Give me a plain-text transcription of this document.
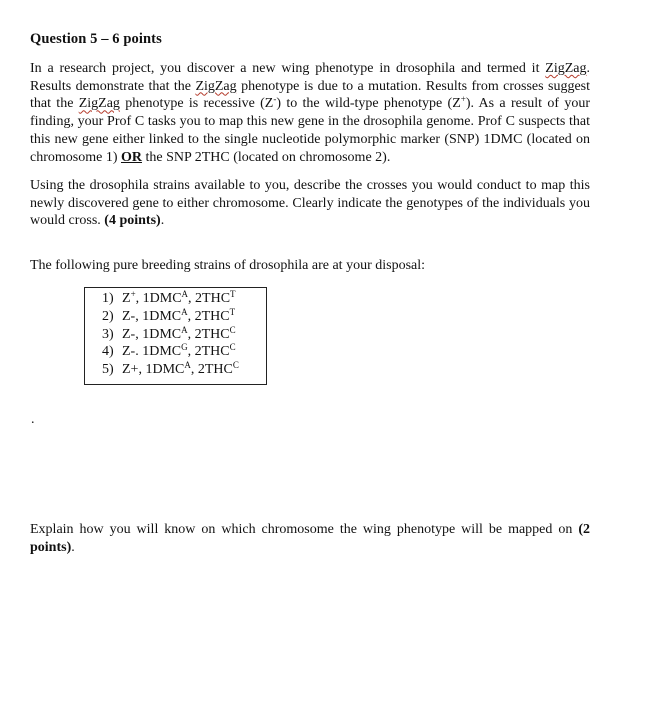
Question 5 – 6 points

In a research project, you discover a new wing phenotype in drosophila and termed it ZigZag. Results demonstrate that the ZigZag phenotype is due to a mutation. Results from crosses suggest that the ZigZag phenotype is recessive (Z-) to the wild-type phenotype (Z+). As a result of your finding, your Prof C tasks you to map this new gene in the drosophila genome. Prof C suspects that this new gene either linked to the single nucleotide polymorphic marker (SNP) 1DMC (located on chromosome 1) OR the SNP 2THC (located on chromosome 2).

Using the drosophila strains available to you, describe the crosses you would conduct to map this newly discovered gene to either chromosome. Clearly indicate the genotypes of the individuals you would cross. (4 points).

The following pure breeding strains of drosophila are at your disposal:

1) Z+, $1DMC^A$, $2THC^T$
2) Z-, $1DMC^A$, $2THC^T$
3) Z-, $1DMC^A$, $2THC^C$
4) Z-. $1DMC^G$, $2THC^C$
5) Z+, $1DMC^A$, $2THC^C$
.

Explain how you will know on which chromosome the wing phenotype will be mapped on (2 points).
